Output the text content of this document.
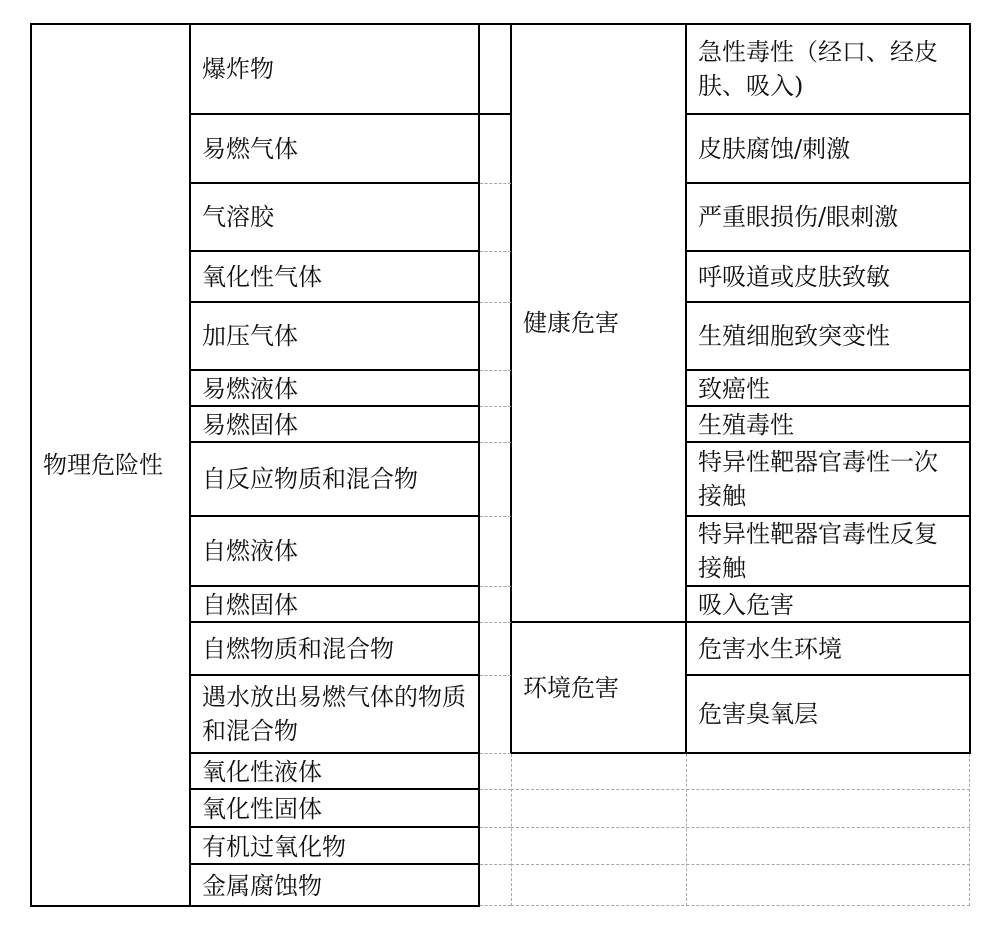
物理危险性
爆炸物
易燃气体
气溶胶
氧化性气体
加压气体
易燃液体
易燃固体
自反应物质和混合物
自燃液体
自燃固体
自燃物质和混合物
遇水放出易燃气体的物质和混合物
氧化性液体
氧化性固体
有机过氧化物
金属腐蚀物
健康危害
环境危害
急性毒性（经口、经皮肤、吸入)
皮肤腐蚀/刺激
严重眼损伤/眼刺激
呼吸道或皮肤致敏
生殖细胞致突变性
致癌性
生殖毒性
特异性靶器官毒性一次接触
特异性靶器官毒性反复接触
吸入危害
危害水生环境
危害臭氧层
